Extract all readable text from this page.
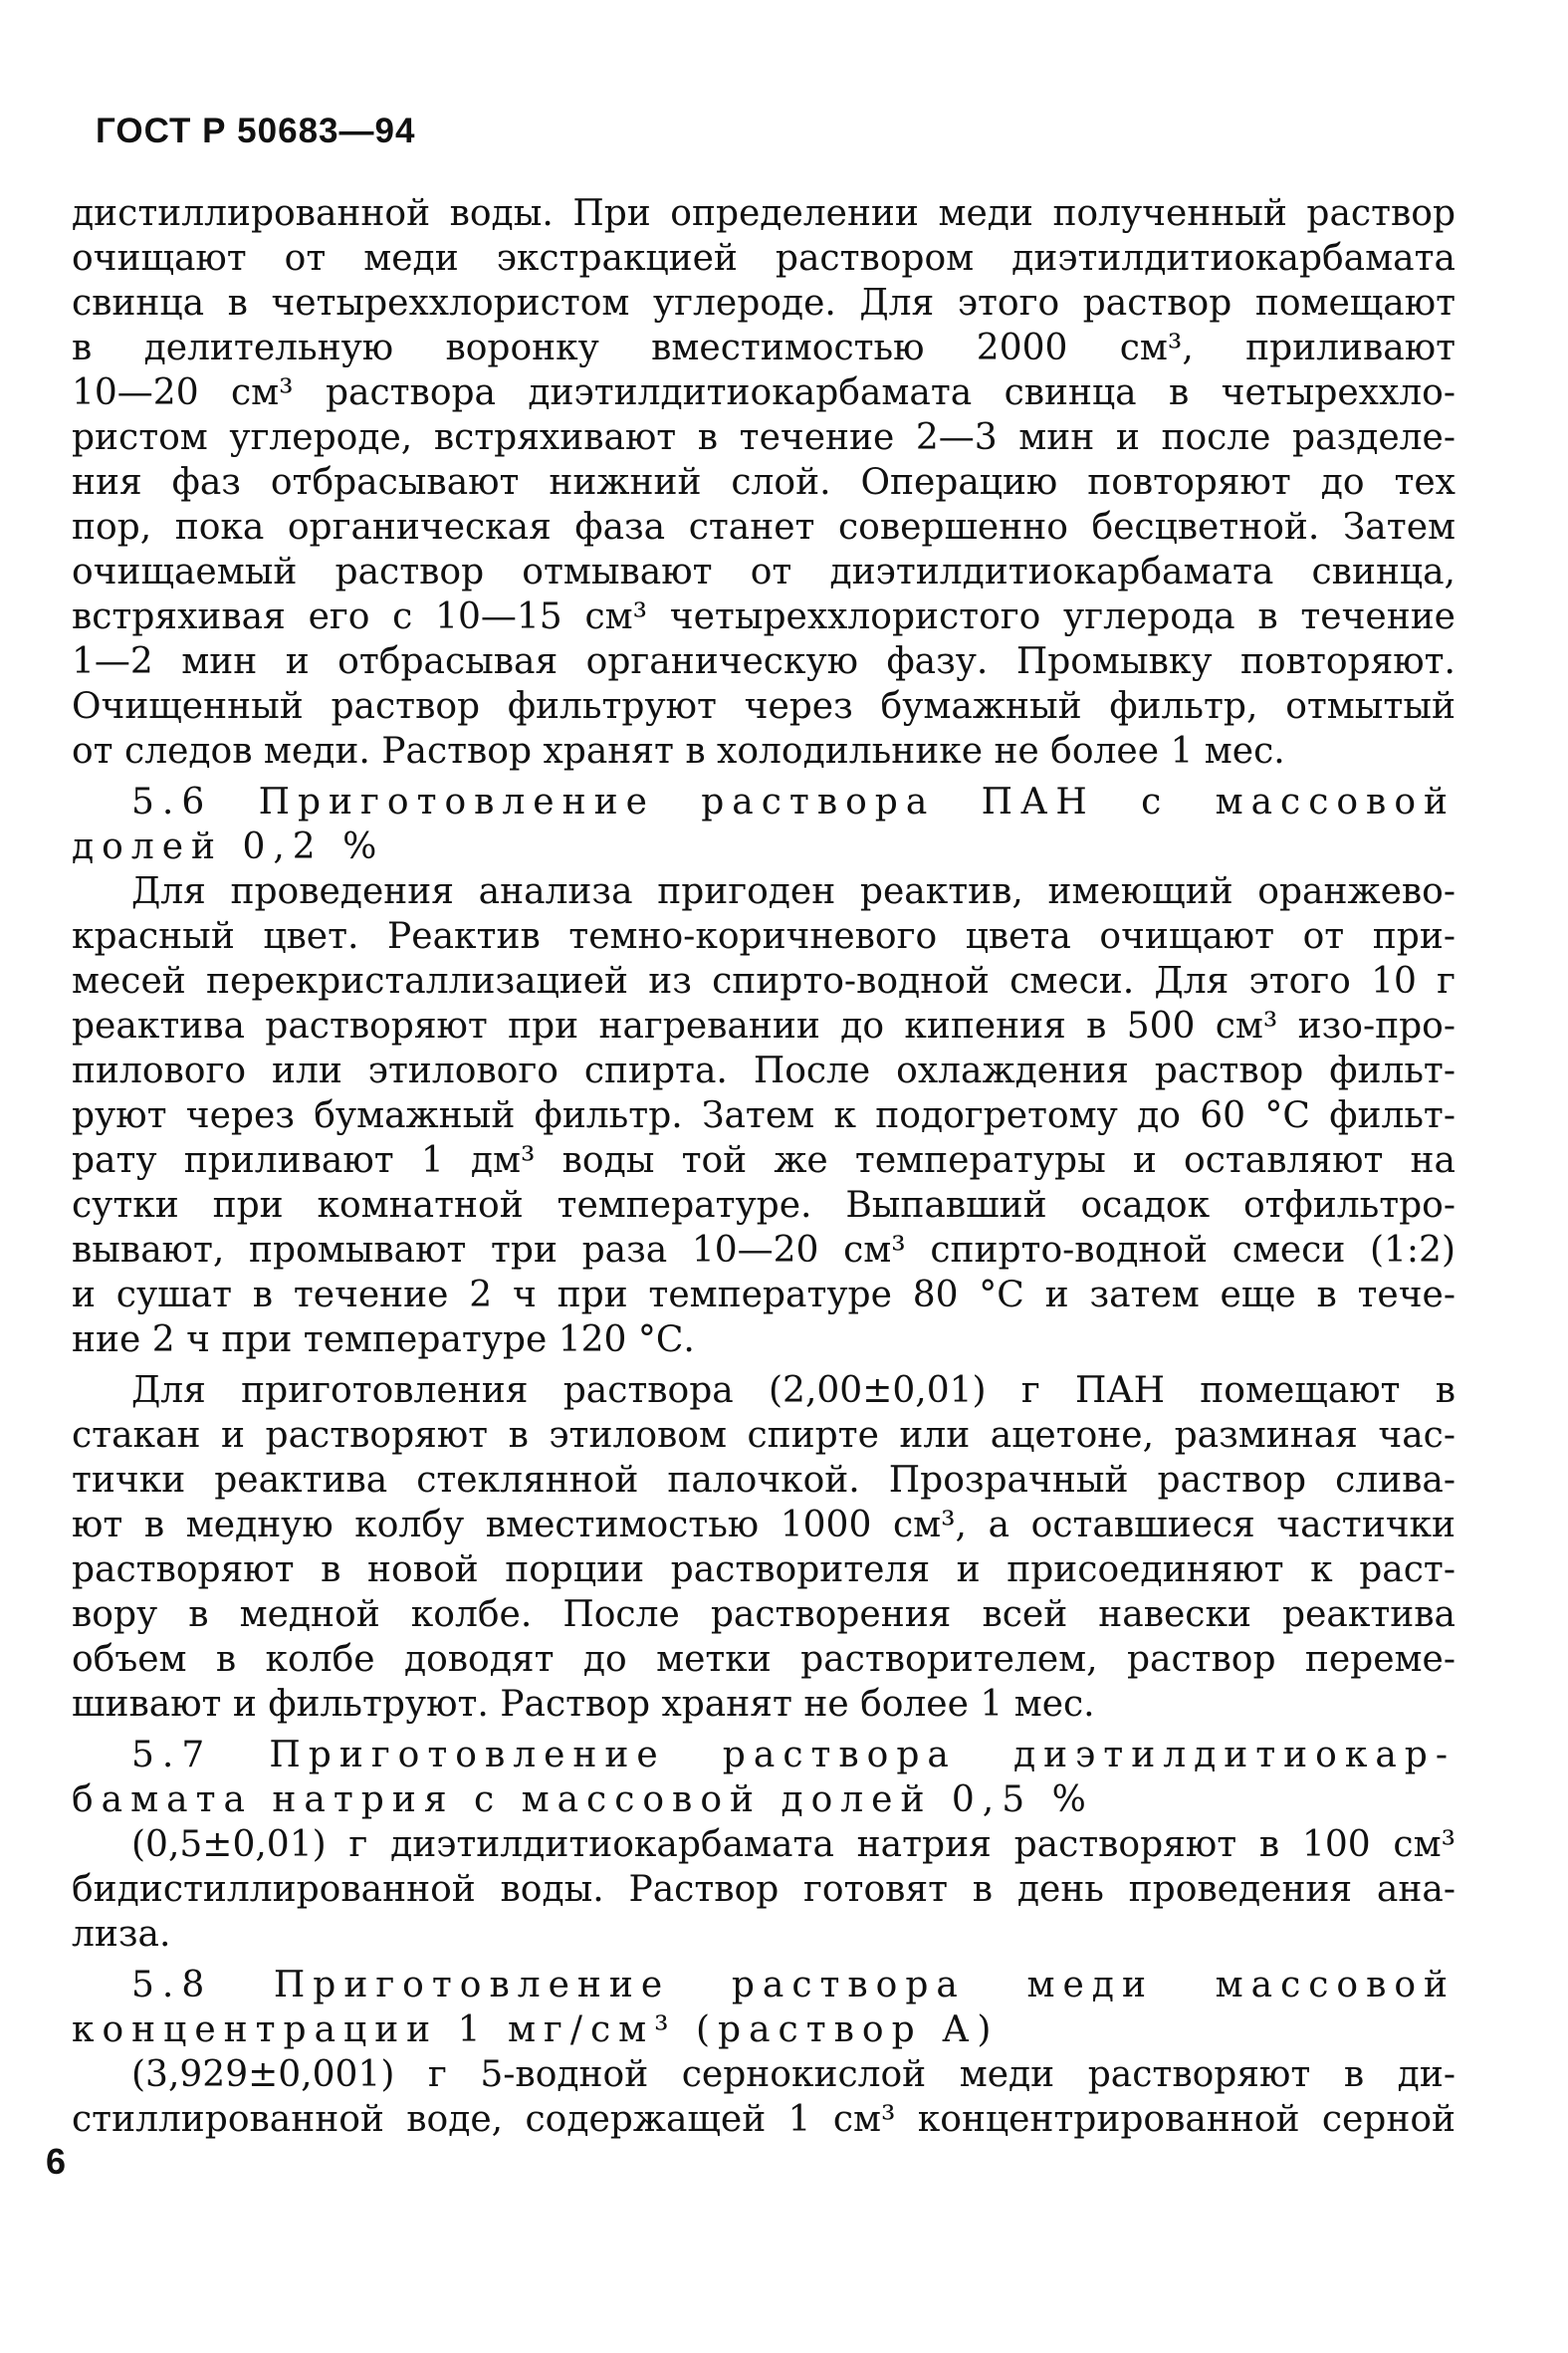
ГОСТ Р 50683—94
дистиллированной воды. При определении меди полученный раствор
очищают от меди экстракцией раствором диэтилдитиокарбамата
свинца в четыреххлористом углероде. Для этого раствор помещают
в делительную воронку вместимостью 2000 см³, приливают
10—20 см³ раствора диэтилдитиокарбамата свинца в четыреххло-
ристом углероде, встряхивают в течение 2—3 мин и после разделе-
ния фаз отбрасывают нижний слой. Операцию повторяют до тех
пор, пока органическая фаза станет совершенно бесцветной. Затем
очищаемый раствор отмывают от диэтилдитиокарбамата свинца,
встряхивая его с 10—15 см³ четыреххлористого углерода в течение
1—2 мин и отбрасывая органическую фазу. Промывку повторяют.
Очищенный раствор фильтруют через бумажный фильтр, отмытый
от следов меди. Раствор хранят в холодильнике не более 1 мес.
5.6 Приготовление раствора ПАН с массовой
долей 0,2 %
Для проведения анализа пригоден реактив, имеющий оранжево-
красный цвет. Реактив темно-коричневого цвета очищают от при-
месей перекристаллизацией из спирто-водной смеси. Для этого 10 г
реактива растворяют при нагревании до кипения в 500 см³ изо-про-
пилового или этилового спирта. После охлаждения раствор фильт-
руют через бумажный фильтр. Затем к подогретому до 60 °С фильт-
рату приливают 1 дм³ воды той же температуры и оставляют на
сутки при комнатной температуре. Выпавший осадок отфильтро-
вывают, промывают три раза 10—20 см³ спирто-водной смеси (1:2)
и сушат в течение 2 ч при температуре 80 °С и затем еще в тече-
ние 2 ч при температуре 120 °С.
Для приготовления раствора (2,00±0,01) г ПАН помещают в
стакан и растворяют в этиловом спирте или ацетоне, разминая час-
тички реактива стеклянной палочкой. Прозрачный раствор слива-
ют в медную колбу вместимостью 1000 см³, а оставшиеся частички
растворяют в новой порции растворителя и присоединяют к раст-
вору в медной колбе. После растворения всей навески реактива
объем в колбе доводят до метки растворителем, раствор переме-
шивают и фильтруют. Раствор хранят не более 1 мес.
5.7 Приготовление раствора диэтилдитиокар-
бамата натрия с массовой долей 0,5 %
(0,5±0,01) г диэтилдитиокарбамата натрия растворяют в 100 см³
бидистиллированной воды. Раствор готовят в день проведения ана-
лиза.
5.8 Приготовление раствора меди массовой
концентрации 1 мг/см³ (раствор А)
(3,929±0,001) г 5-водной сернокислой меди растворяют в ди-
стиллированной воде, содержащей 1 см³ концентрированной серной
6
